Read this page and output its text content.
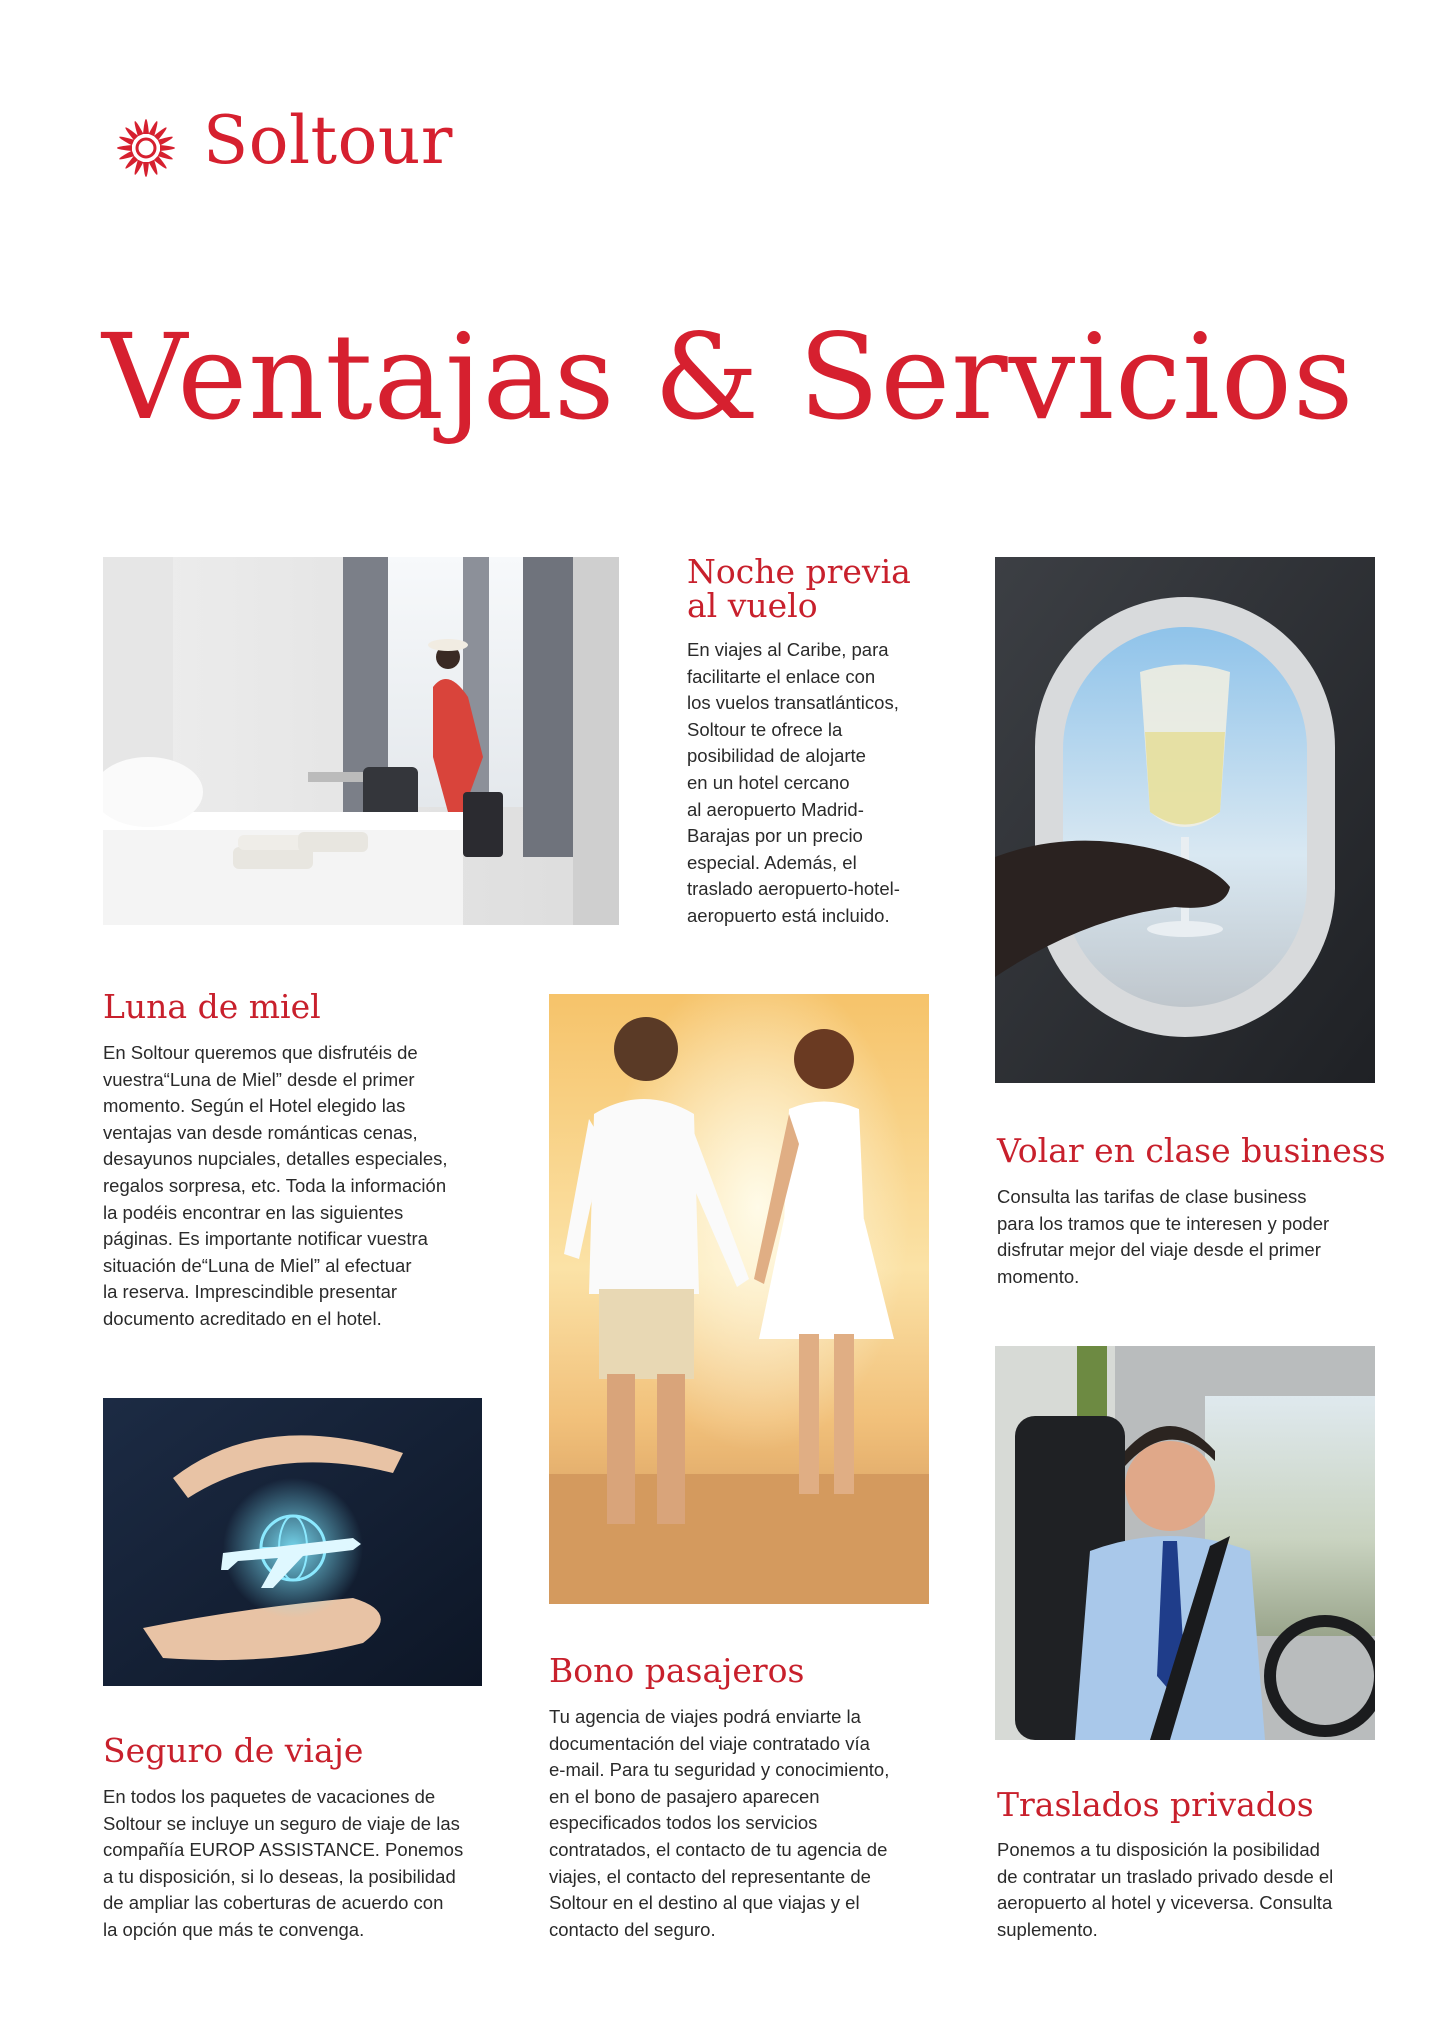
Soltour
Ventajas & Servicios
Noche previa
al vuelo
En viajes al Caribe, para
facilitarte el enlace con
los vuelos transatlánticos,
Soltour te ofrece la
posibilidad de alojarte
en un hotel cercano
al aeropuerto Madrid-
Barajas por un precio
especial. Además, el
traslado aeropuerto-hotel-
aeropuerto está incluido.
Luna de miel
En Soltour queremos que disfrutéis de
vuestra“Luna de Miel” desde el primer
momento. Según el Hotel elegido las
ventajas van desde románticas cenas,
desayunos nupciales, detalles especiales,
regalos sorpresa, etc. Toda la información
la podéis encontrar en las siguientes
páginas. Es importante notificar vuestra
situación de“Luna de Miel” al efectuar
la reserva. Imprescindible presentar
documento acreditado en el hotel.
Volar en clase business
Consulta las tarifas de clase business
para los tramos que te interesen y poder
disfrutar mejor del viaje desde el primer
momento.
Seguro de viaje
En todos los paquetes de vacaciones de
Soltour se incluye un seguro de viaje de las
compañía EUROP ASSISTANCE. Ponemos
a tu disposición, si lo deseas, la posibilidad
de ampliar las coberturas de acuerdo con
la opción que más te convenga.
Bono pasajeros
Tu agencia de viajes podrá enviarte la
documentación del viaje contratado vía
e-mail. Para tu seguridad y conocimiento,
en el bono de pasajero aparecen
especificados todos los servicios
contratados, el contacto de tu agencia de
viajes, el contacto del representante de
Soltour en el destino al que viajas y el
contacto del seguro.
Traslados privados
Ponemos a tu disposición la posibilidad
de contratar un traslado privado desde el
aeropuerto al hotel y viceversa. Consulta
suplemento.
